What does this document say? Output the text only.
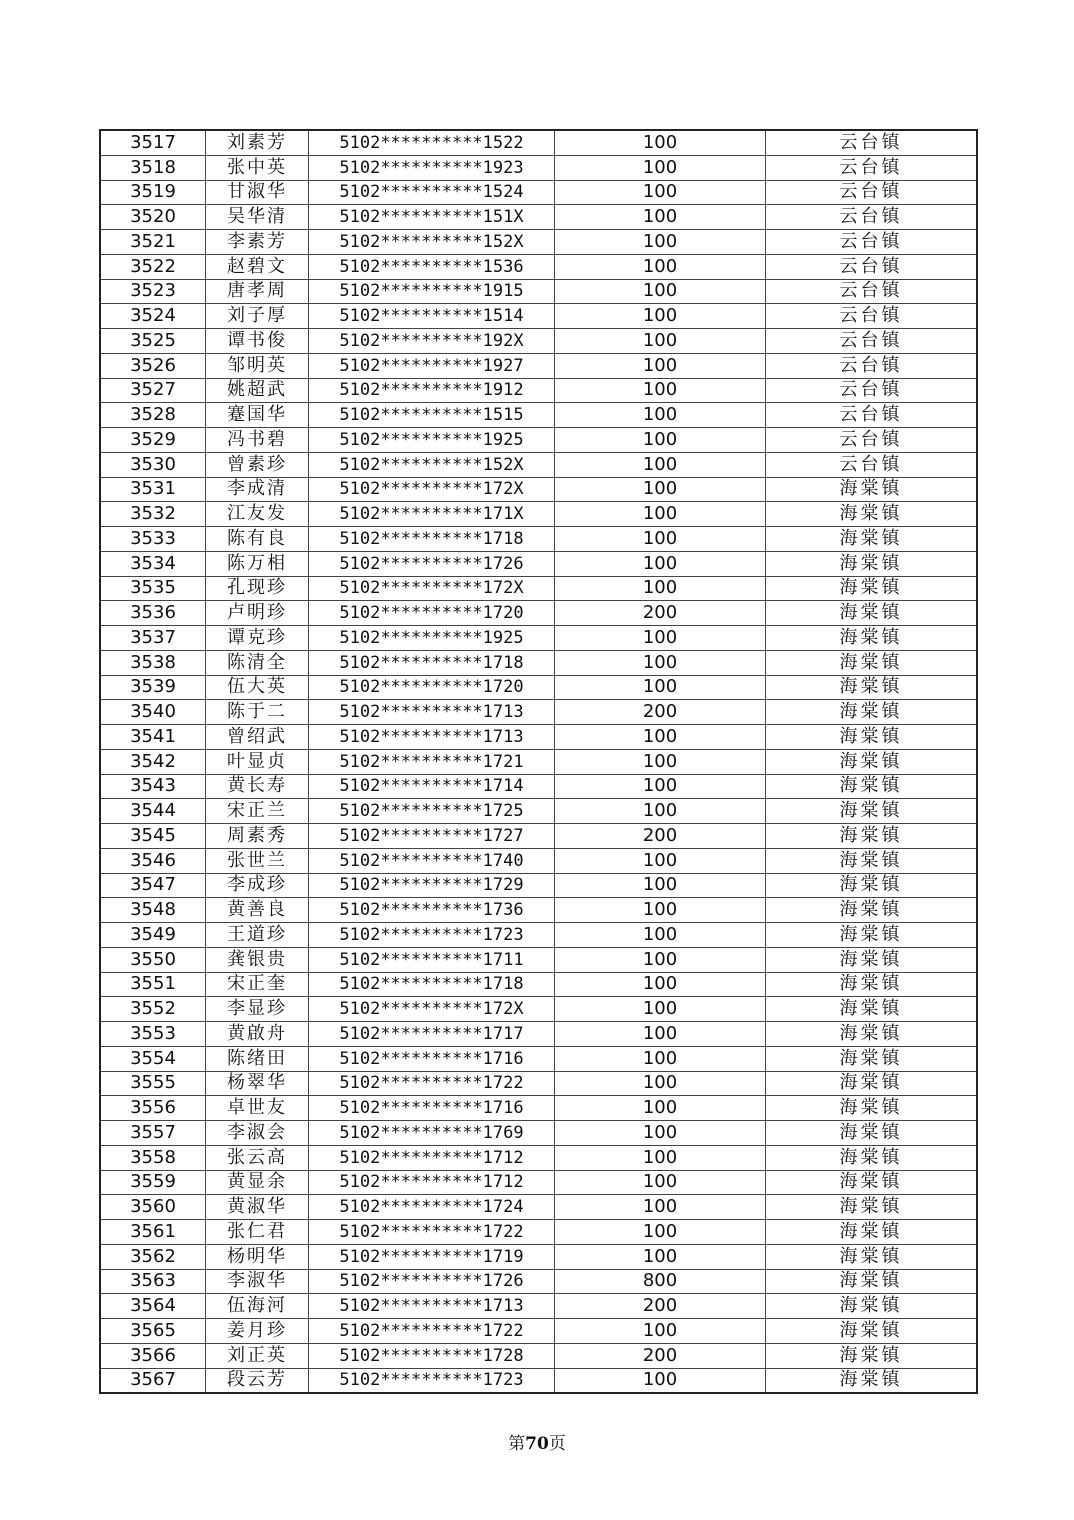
3517	刘素芳	5102**********1522	100	云台镇
3518	张中英	5102**********1923	100	云台镇
3519	甘淑华	5102**********1524	100	云台镇
3520	吴华清	5102**********151X	100	云台镇
3521	李素芳	5102**********152X	100	云台镇
3522	赵碧文	5102**********1536	100	云台镇
3523	唐孝周	5102**********1915	100	云台镇
3524	刘子厚	5102**********1514	100	云台镇
3525	谭书俊	5102**********192X	100	云台镇
3526	邹明英	5102**********1927	100	云台镇
3527	姚超武	5102**********1912	100	云台镇
3528	蹇国华	5102**********1515	100	云台镇
3529	冯书碧	5102**********1925	100	云台镇
3530	曾素珍	5102**********152X	100	云台镇
3531	李成清	5102**********172X	100	海棠镇
3532	江友发	5102**********171X	100	海棠镇
3533	陈有良	5102**********1718	100	海棠镇
3534	陈万相	5102**********1726	100	海棠镇
3535	孔现珍	5102**********172X	100	海棠镇
3536	卢明珍	5102**********1720	200	海棠镇
3537	谭克珍	5102**********1925	100	海棠镇
3538	陈清全	5102**********1718	100	海棠镇
3539	伍大英	5102**********1720	100	海棠镇
3540	陈于二	5102**********1713	200	海棠镇
3541	曾绍武	5102**********1713	100	海棠镇
3542	叶显贞	5102**********1721	100	海棠镇
3543	黄长寿	5102**********1714	100	海棠镇
3544	宋正兰	5102**********1725	100	海棠镇
3545	周素秀	5102**********1727	200	海棠镇
3546	张世兰	5102**********1740	100	海棠镇
3547	李成珍	5102**********1729	100	海棠镇
3548	黄善良	5102**********1736	100	海棠镇
3549	王道珍	5102**********1723	100	海棠镇
3550	龚银贵	5102**********1711	100	海棠镇
3551	宋正奎	5102**********1718	100	海棠镇
3552	李显珍	5102**********172X	100	海棠镇
3553	黄啟舟	5102**********1717	100	海棠镇
3554	陈绪田	5102**********1716	100	海棠镇
3555	杨翠华	5102**********1722	100	海棠镇
3556	卓世友	5102**********1716	100	海棠镇
3557	李淑会	5102**********1769	100	海棠镇
3558	张云高	5102**********1712	100	海棠镇
3559	黄显余	5102**********1712	100	海棠镇
3560	黄淑华	5102**********1724	100	海棠镇
3561	张仁君	5102**********1722	100	海棠镇
3562	杨明华	5102**********1719	100	海棠镇
3563	李淑华	5102**********1726	800	海棠镇
3564	伍海河	5102**********1713	200	海棠镇
3565	姜月珍	5102**********1722	100	海棠镇
3566	刘正英	5102**********1728	200	海棠镇
3567	段云芳	5102**********1723	100	海棠镇
第70页
